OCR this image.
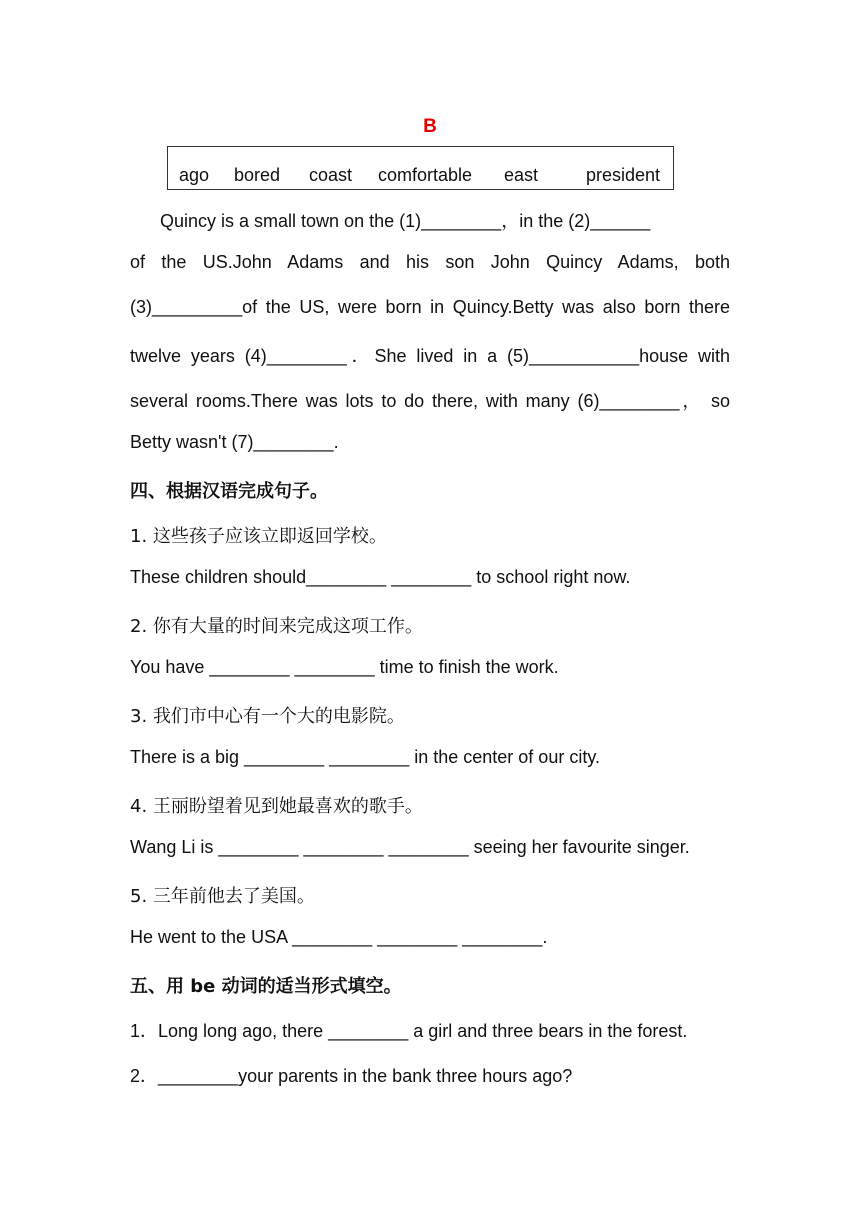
B
ago bored coast comfortable east	president
Quincy is a small town on the (1)________，in the (2)______
of the US.John Adams and his son John Quincy Adams, both
(3)_________of the US, were born in Quincy.Betty was also born there
twelve years (4)________．She lived in a (5)___________house with
several rooms.There was lots to do there, with many (6)________， so
Betty wasn't (7)________.
四、根据汉语完成句子。
1. 这些孩子应该立即返回学校。
These children should________ ________ to school right now.
2. 你有大量的时间来完成这项工作。
You have ________ ________ time to finish the work.
3. 我们市中心有一个大的电影院。
There is a big ________ ________ in the center of our city.
4. 王丽盼望着见到她最喜欢的歌手。
Wang Li is ________ ________ ________ seeing her favourite singer.
5. 三年前他去了美国。
He went to the USA ________ ________ ________.
五、用 be 动词的适当形式填空。
1．Long long ago, there ________ a girl and three bears in the forest.
2．________your parents in the bank three hours ago?
